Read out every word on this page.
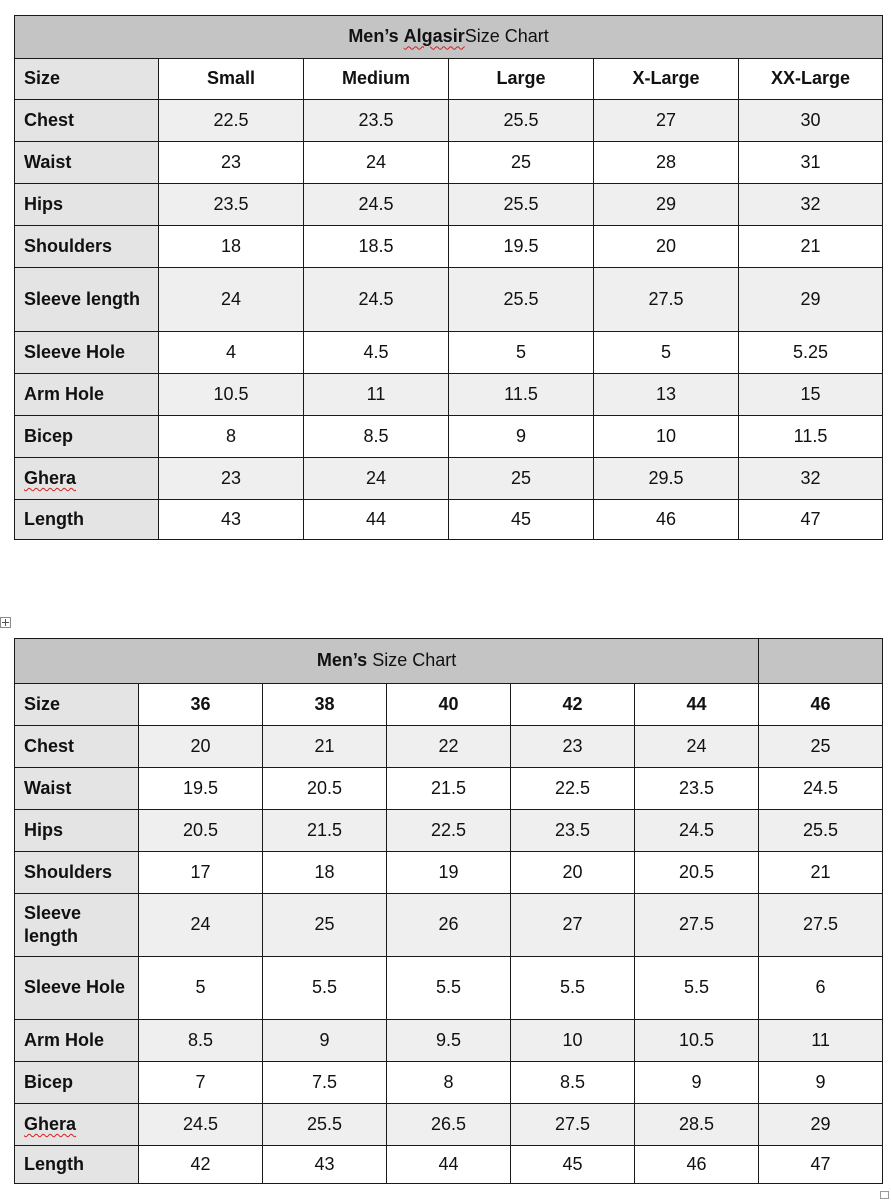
Men’s AlgasirSize Chart					
Size	Small	Medium	Large	X-Large	XX-Large
Chest	22.5	23.5	25.5	27	30
Waist	23	24	25	28	31
Hips	23.5	24.5	25.5	29	32
Shoulders	18	18.5	19.5	20	21
Sleeve length	24	24.5	25.5	27.5	29
Sleeve Hole	4	4.5	5	5	5.25
Arm Hole	10.5	11	11.5	13	15
Bicep	8	8.5	9	10	11.5
Ghera	23	24	25	29.5	32
Length	43	44	45	46	47
Men’s Size Chart						
Size	36	38	40	42	44	46
Chest	20	21	22	23	24	25
Waist	19.5	20.5	21.5	22.5	23.5	24.5
Hips	20.5	21.5	22.5	23.5	24.5	25.5
Shoulders	17	18	19	20	20.5	21
Sleeve length	24	25	26	27	27.5	27.5
Sleeve Hole	5	5.5	5.5	5.5	5.5	6
Arm Hole	8.5	9	9.5	10	10.5	11
Bicep	7	7.5	8	8.5	9	9
Ghera	24.5	25.5	26.5	27.5	28.5	29
Length	42	43	44	45	46	47
